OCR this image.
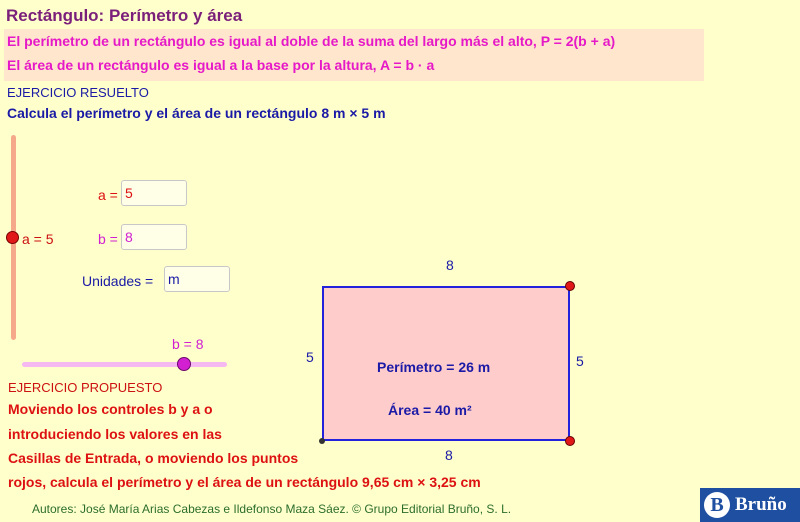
Rectángulo: Perímetro y área
El perímetro de un rectángulo es igual al doble de la suma del largo más el alto, P = 2(b + a)
El área de un rectángulo es igual a la base por la altura, A = b · a
EJERCICIO RESUELTO
Calcula el perímetro y el área de un rectángulo 8 m × 5 m
a = 5
a =
5
b =
8
Unidades =
m
b = 8
EJERCICIO PROPUESTO
Moviendo los controles b y a o
introduciendo los valores en las
Casillas de Entrada, o moviendo los puntos
rojos, calcula el perímetro y el área de un rectángulo 9,65 cm × 3,25 cm
8
8
5	5
Perímetro = 26 m
Área = 40 m²
Autores: José María Arias Cabezas e Ildefonso Maza Sáez. © Grupo Editorial Bruño, S. L.	B Bruño
